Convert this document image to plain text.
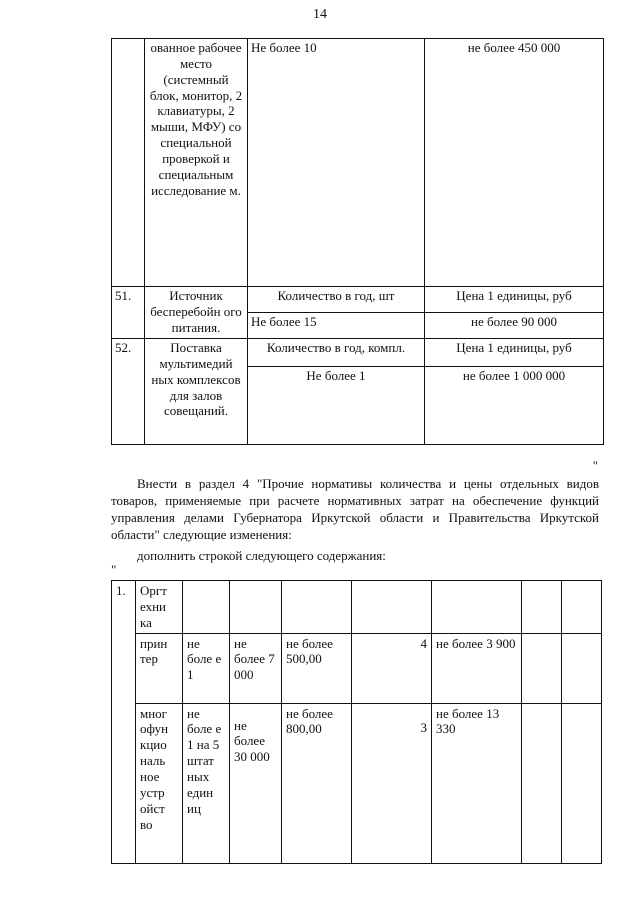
14
	ованное рабочее место (системный блок, монитор, 2 клавиатуры, 2 мыши, МФУ) со специальной проверкой и специальным исследование м.	Не более 10	не более 450 000
51.	Источник бесперебойн ого питания.	Количество в год, шт	Цена 1 единицы, руб
		Не более 15	не более 90 000
52.	Поставка мультимедий ных комплексов для залов совещаний.	Количество в год, компл.	Цена 1 единицы, руб
		Не более 1	не более 1 000 000
"
Внести в раздел 4 "Прочие нормативы количества и цены отдельных видов товаров, применяемые при расчете нормативных затрат на обеспечение функций управления делами Губернатора Иркутской области и Правительства Иркутской области" следующие изменения:
дополнить строкой следующего содержания:
"
1.	Оргт ехни ка							
	прин тер	не боле е 1	не более 7 000	не более 500,00	4	не более 3 900		
	мног офун кцио наль ное устр ойст во	не боле е 1 на 5 штат ных един иц	не более 30 000	не более 800,00	3	не более 13 330		
